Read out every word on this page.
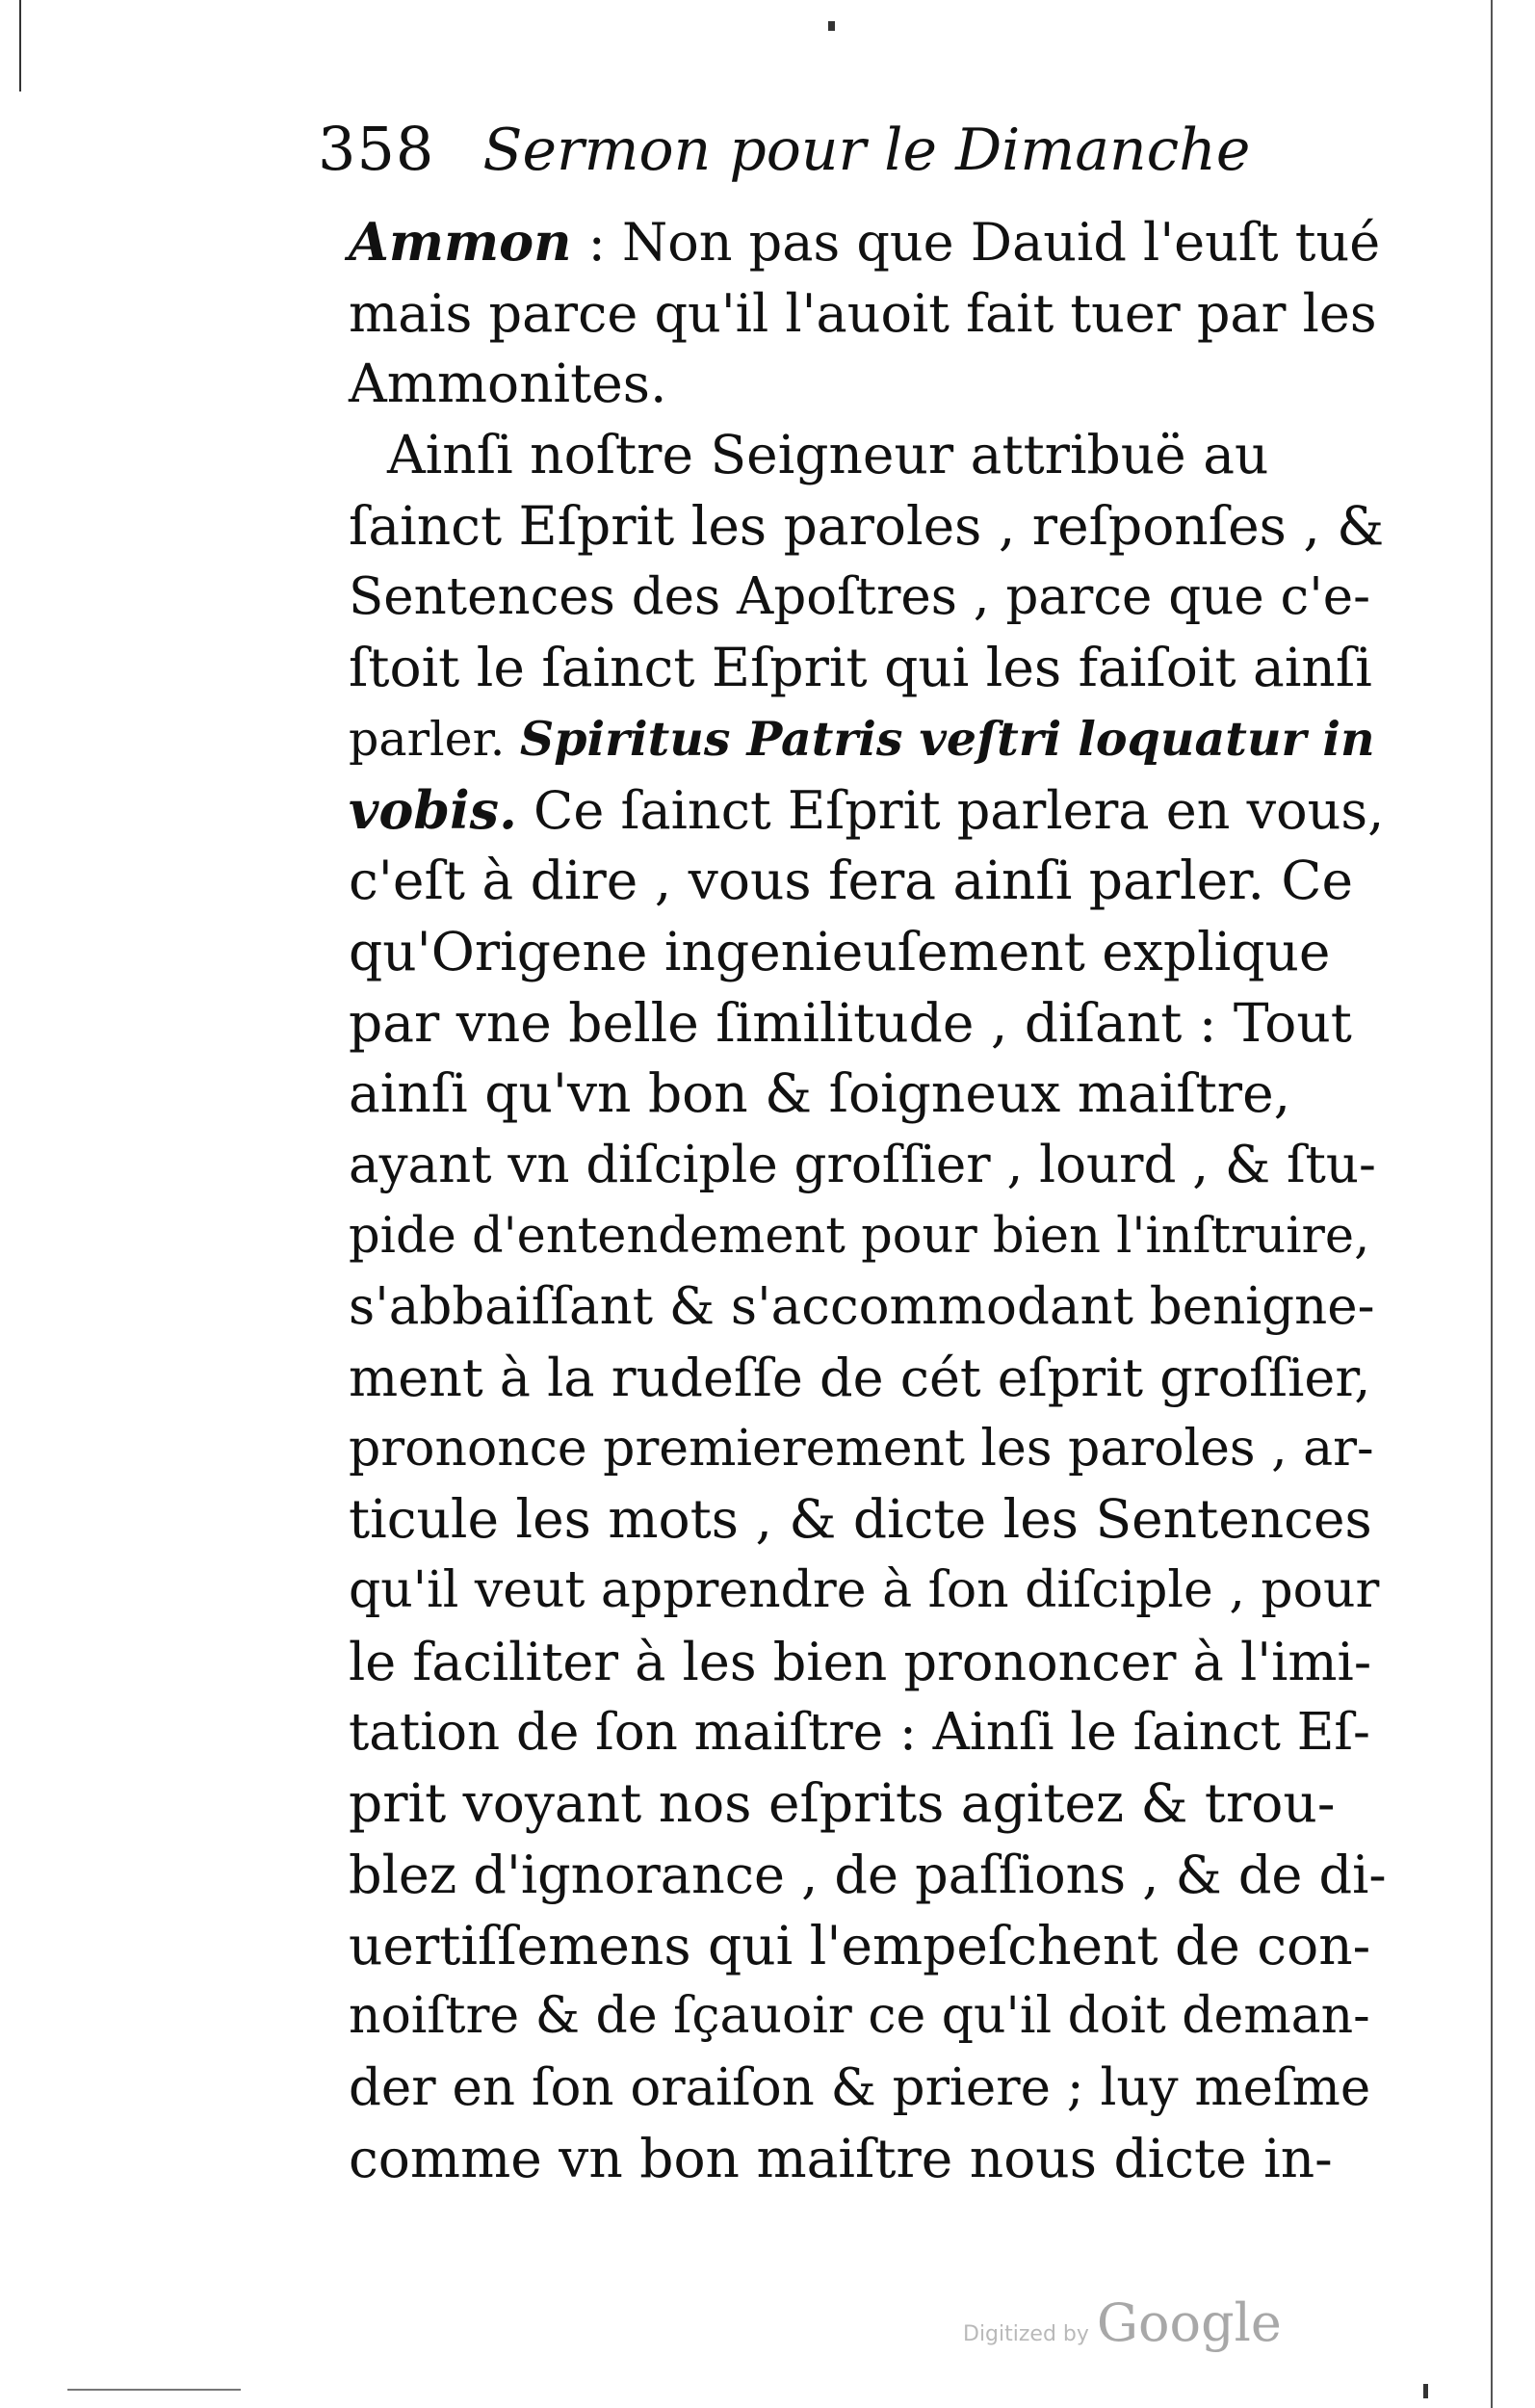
358 Sermon pour le Dimanche
Ammon : Non pas que Dauid l'euſt tué
mais parce qu'il l'auoit fait tuer par les
Ammonites.
Ainſi noſtre Seigneur attribuë au
ſainct Eſprit les paroles , reſponſes , &
Sentences des Apoſtres , parce que c'e-
ſtoit le ſainct Eſprit qui les faiſoit ainſi
parler. Spiritus Patris veſtri loquatur in
vobis. Ce ſainct Eſprit parlera en vous,
c'eſt à dire , vous fera ainſi parler. Ce
qu'Origene ingenieuſement explique
par vne belle ſimilitude , diſant : Tout
ainſi qu'vn bon & ſoigneux maiſtre,
ayant vn diſciple groſſier , lourd , & ſtu-
pide d'entendement pour bien l'inſtruire,
s'abbaiſſant & s'accommodant benigne-
ment à la rudeſſe de cét eſprit groſſier,
prononce premierement les paroles , ar-
ticule les mots , & dicte les Sentences
qu'il veut apprendre à ſon diſciple , pour
le faciliter à les bien prononcer à l'imi-
tation de ſon maiſtre : Ainſi le ſainct Eſ-
prit voyant nos eſprits agitez & trou-
blez d'ignorance , de paſſions , & de di-
uertiſſemens qui l'empeſchent de con-
noiſtre & de ſçauoir ce qu'il doit deman-
der en ſon oraiſon & priere ; luy meſme
comme vn bon maiſtre nous dicte in-
Digitized by Google
